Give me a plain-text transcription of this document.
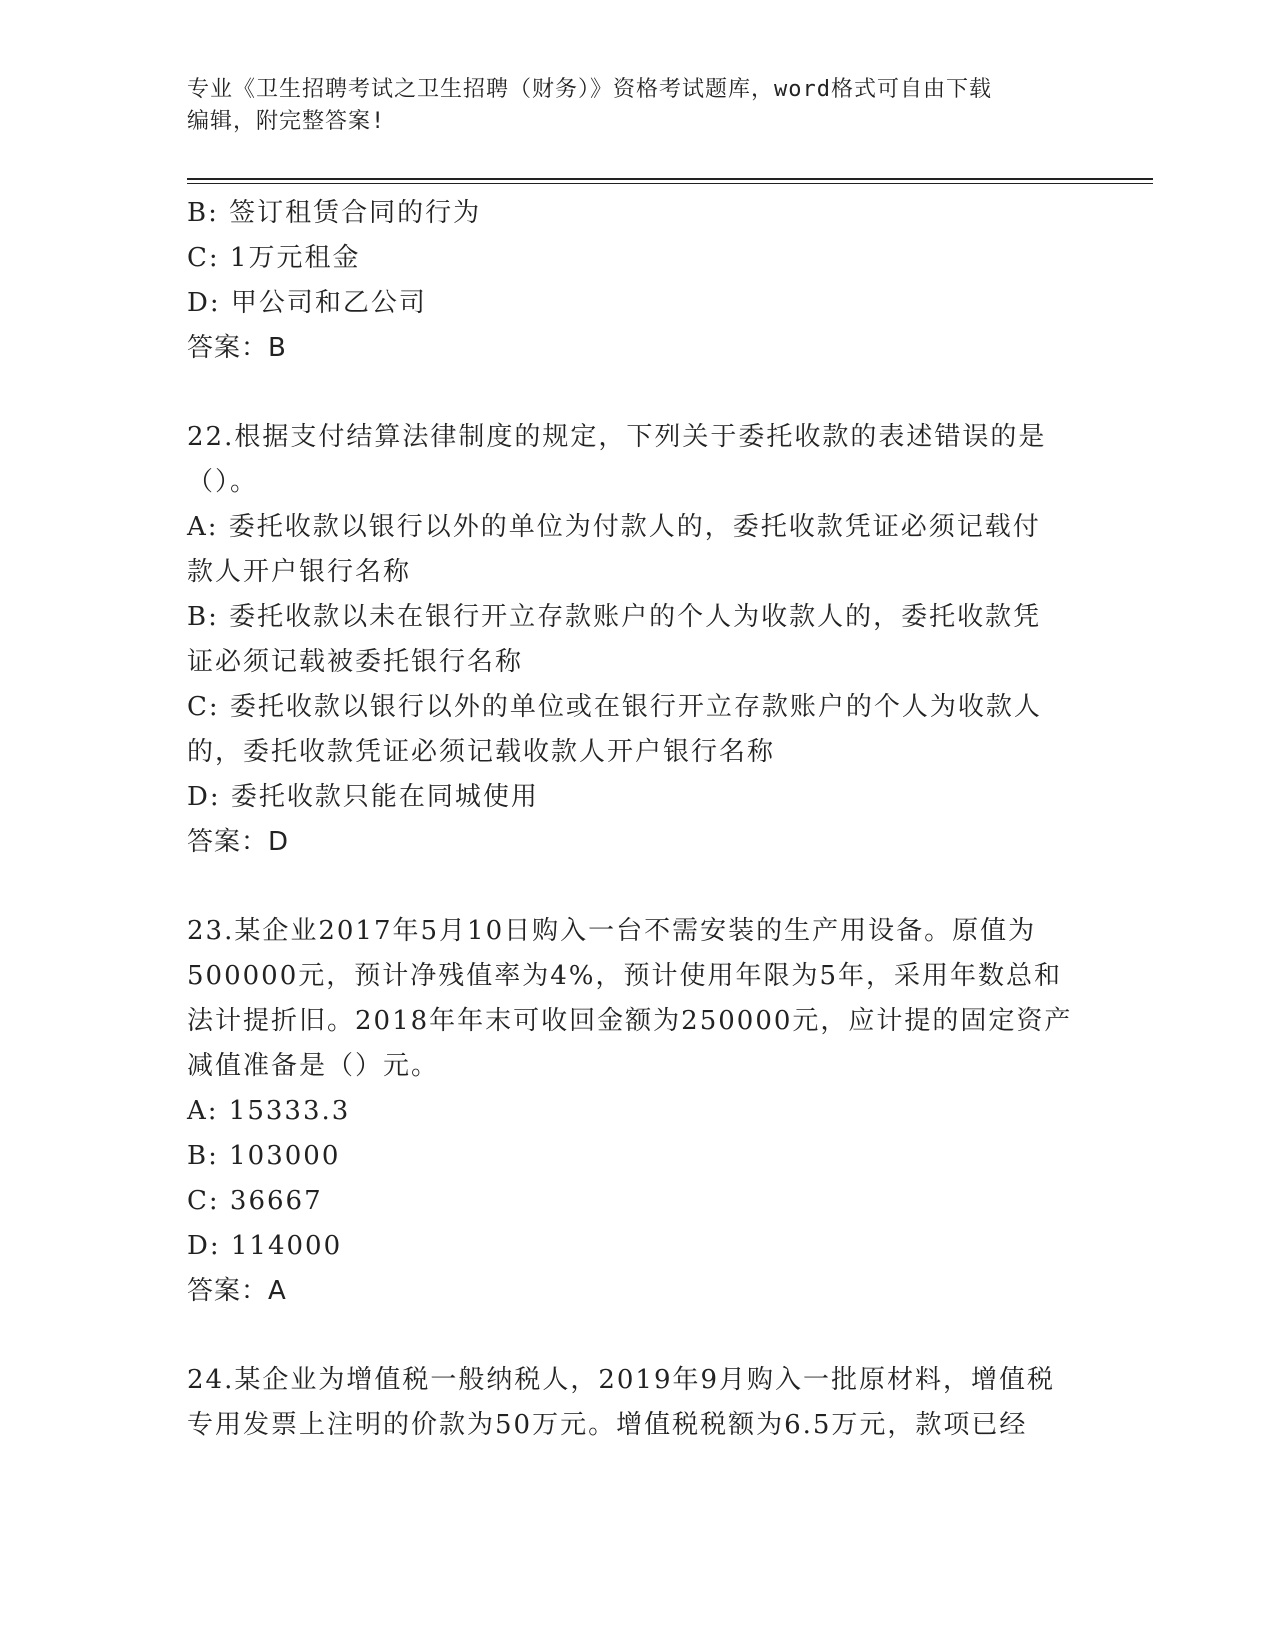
专业《卫生招聘考试之卫生招聘（财务）》资格考试题库，word格式可自由下载
编辑，附完整答案!
B: 签订租赁合同的行为
C: 1万元租金
D: 甲公司和乙公司
答案：B
22.根据支付结算法律制度的规定，下列关于委托收款的表述错误的是
（）。
A: 委托收款以银行以外的单位为付款人的，委托收款凭证必须记载付
款人开户银行名称
B: 委托收款以未在银行开立存款账户的个人为收款人的，委托收款凭
证必须记载被委托银行名称
C: 委托收款以银行以外的单位或在银行开立存款账户的个人为收款人
的，委托收款凭证必须记载收款人开户银行名称
D: 委托收款只能在同城使用
答案：D
23.某企业2017年5月10日购入一台不需安装的生产用设备。原值为
500000元，预计净残值率为4%，预计使用年限为5年，采用年数总和
法计提折旧。2018年年末可收回金额为250000元，应计提的固定资产
减值准备是（）元。
A: 15333.3
B: 103000
C: 36667
D: 114000
答案：A
24.某企业为增值税一般纳税人，2019年9月购入一批原材料，增值税
专用发票上注明的价款为50万元。增值税税额为6.5万元，款项已经
